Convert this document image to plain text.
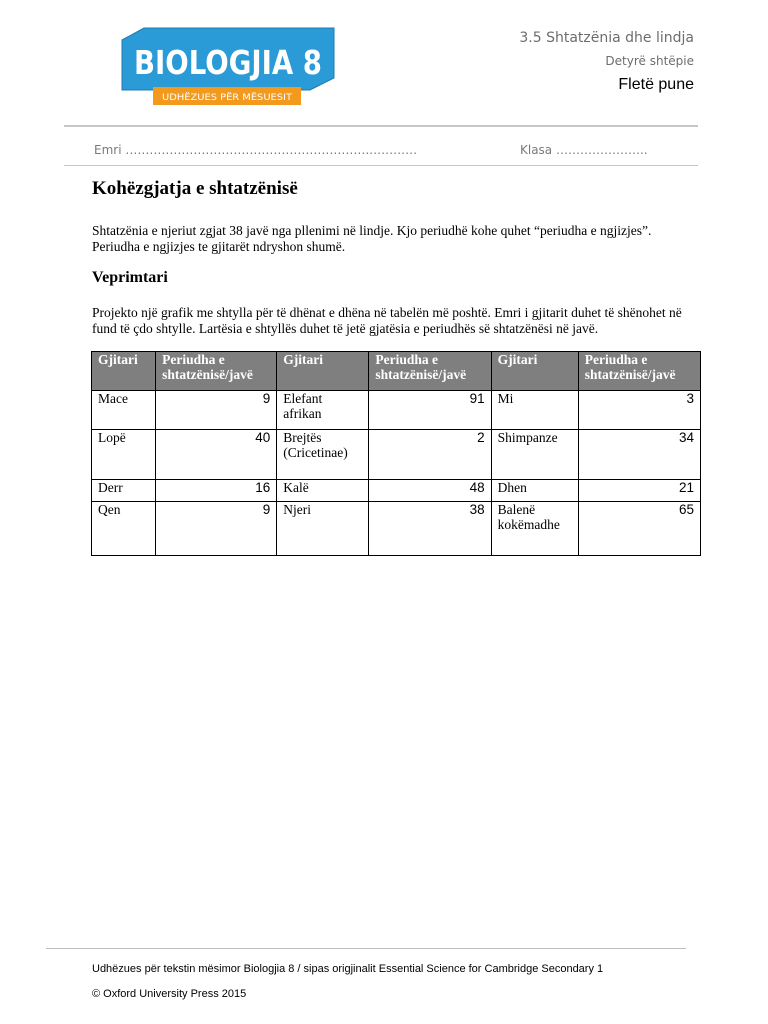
BIOLOGJIA 8
UDHËZUES PËR MËSUESIT
3.5 Shtatzënia dhe lindja
Detyrë shtëpie
Fletë pune
Emri …………………………………………………….…………	Klasa …………………..
Kohëzgjatja e shtatzënisë

Shtatzënia e njeriut zgjat 38 javë nga pllenimi në lindje. Kjo periudhë kohe quhet “periudha e ngjizjes”. Periudha e ngjizjes te gjitarët ndryshon shumë.

Veprimtari

Projekto një grafik me shtylla për të dhënat e dhëna në tabelën më poshtë. Emri i gjitarit duhet të shënohet në fund të çdo shtylle. Lartësia e shtyllës duhet të jetë gjatësia e periudhës së shtatzënësi në javë.

Gjitari	Periudha e shtatzënisë/javë	Gjitari	Periudha e shtatzënisë/javë	Gjitari	Periudha e shtatzënisë/javë
Mace	9	Elefant afrikan	91	Mi	3
Lopë	40	Brejtës (Cricetinae)	2	Shimpanze	34
Derr	16	Kalë	48	Dhen	21
Qen	9	Njeri	38	Balenë kokëmadhe	65
Udhëzues për tekstin mësimor Biologjia 8 / sipas origjinalit Essential Science for Cambridge Secondary 1
© Oxford University Press 2015
